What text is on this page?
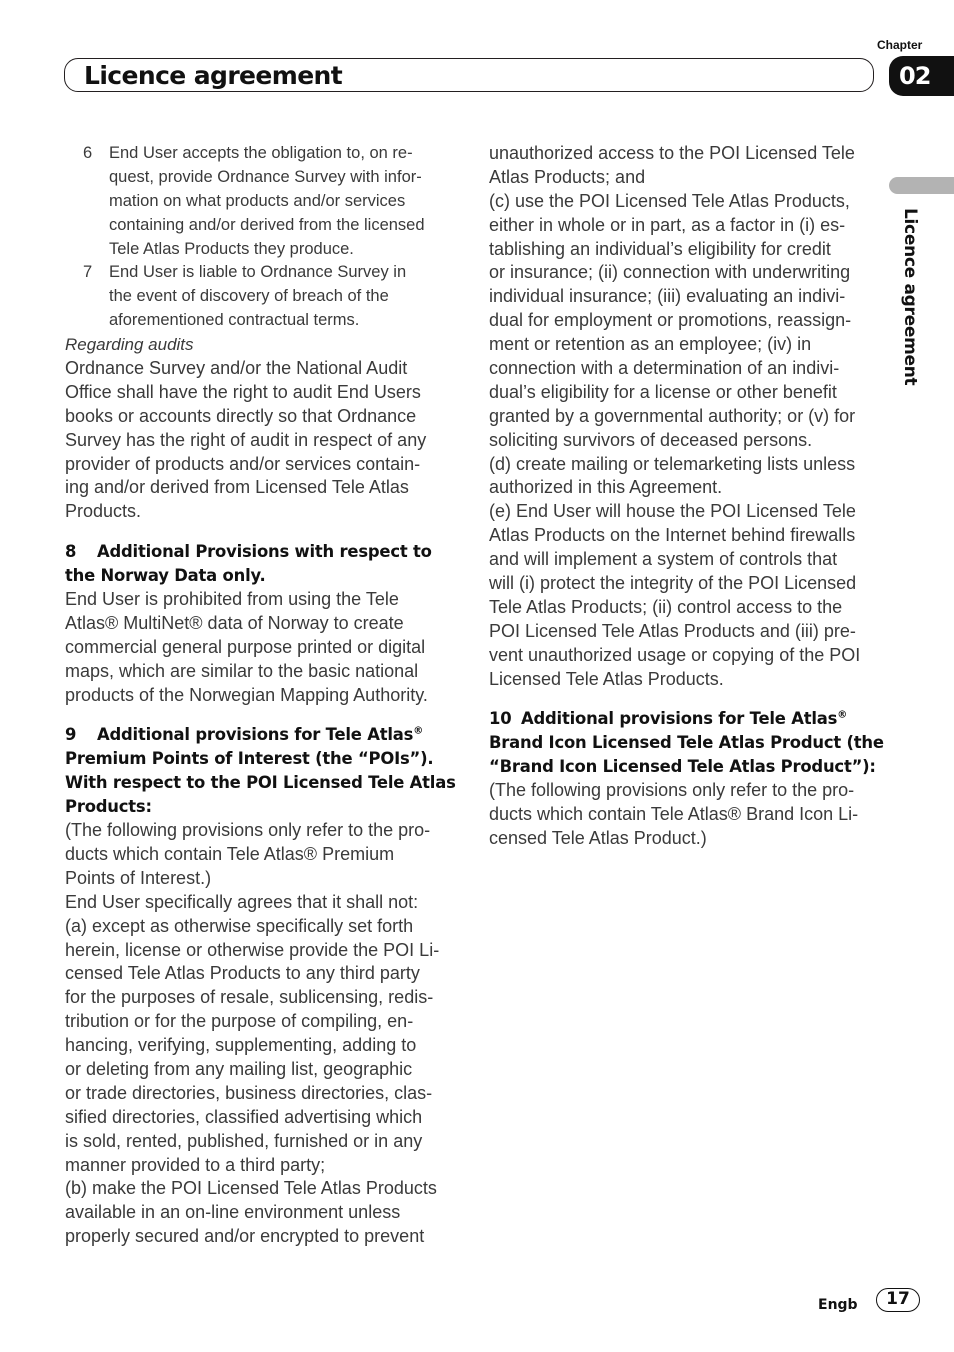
Licence agreement
Chapter
02
Licence agreement
6	End User accepts the obligation to, on re-
quest, provide Ordnance Survey with infor-
mation on what products and/or services
containing and/or derived from the licensed
Tele Atlas Products they produce.
7	End User is liable to Ordnance Survey in
the event of discovery of breach of the
aforementioned contractual terms.
Regarding audits
Ordnance Survey and/or the National Audit
Office shall have the right to audit End Users
books or accounts directly so that Ordnance
Survey has the right of audit in respect of any
provider of products and/or services contain-
ing and/or derived from Licensed Tele Atlas
Products.
8 Additional Provisions with respect to
the Norway Data only.
End User is prohibited from using the Tele
Atlas® MultiNet® data of Norway to create
commercial general purpose printed or digital
maps, which are similar to the basic national
products of the Norwegian Mapping Authority.
9 Additional provisions for Tele Atlas®
Premium Points of Interest (the “POIs”).
With respect to the POI Licensed Tele Atlas
Products:
(The following provisions only refer to the pro-
ducts which contain Tele Atlas® Premium
Points of Interest.)
End User specifically agrees that it shall not:
(a) except as otherwise specifically set forth
herein, license or otherwise provide the POI Li-
censed Tele Atlas Products to any third party
for the purposes of resale, sublicensing, redis-
tribution or for the purpose of compiling, en-
hancing, verifying, supplementing, adding to
or deleting from any mailing list, geographic
or trade directories, business directories, clas-
sified directories, classified advertising which
is sold, rented, published, furnished or in any
manner provided to a third party;
(b) make the POI Licensed Tele Atlas Products
available in an on-line environment unless
properly secured and/or encrypted to prevent
unauthorized access to the POI Licensed Tele
Atlas Products; and
(c) use the POI Licensed Tele Atlas Products,
either in whole or in part, as a factor in (i) es-
tablishing an individual’s eligibility for credit
or insurance; (ii) connection with underwriting
individual insurance; (iii) evaluating an indivi-
dual for employment or promotions, reassign-
ment or retention as an employee; (iv) in
connection with a determination of an indivi-
dual’s eligibility for a license or other benefit
granted by a governmental authority; or (v) for
soliciting survivors of deceased persons.
(d) create mailing or telemarketing lists unless
authorized in this Agreement.
(e) End User will house the POI Licensed Tele
Atlas Products on the Internet behind firewalls
and will implement a system of controls that
will (i) protect the integrity of the POI Licensed
Tele Atlas Products; (ii) control access to the
POI Licensed Tele Atlas Products and (iii) pre-
vent unauthorized usage or copying of the POI
Licensed Tele Atlas Products.
10 Additional provisions for Tele Atlas®
Brand Icon Licensed Tele Atlas Product (the
“Brand Icon Licensed Tele Atlas Product”):
(The following provisions only refer to the pro-
ducts which contain Tele Atlas® Brand Icon Li-
censed Tele Atlas Product.)
Engb	17
